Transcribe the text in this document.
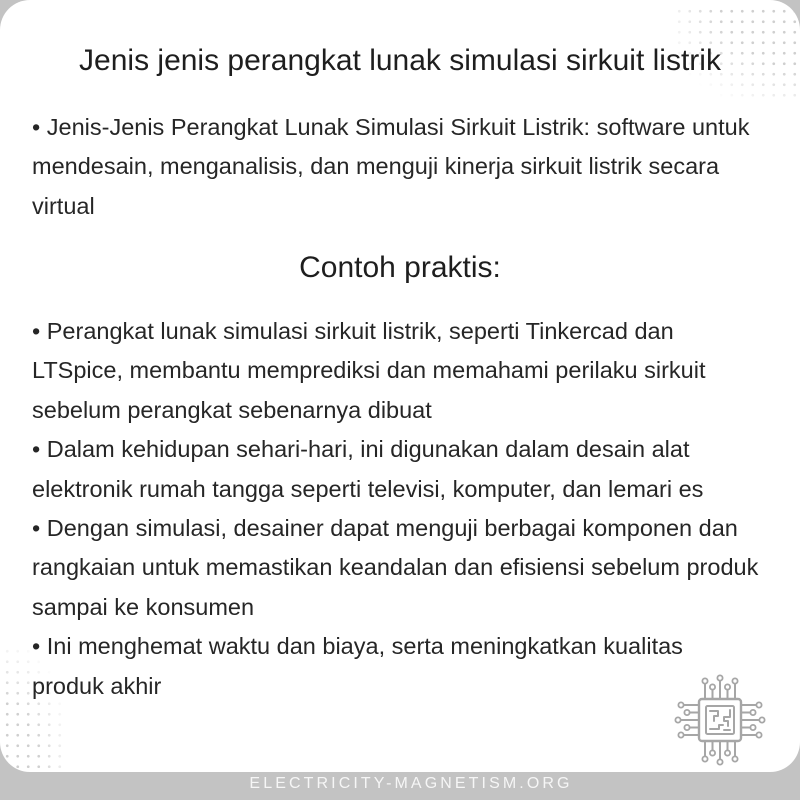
Jenis jenis perangkat lunak simulasi sirkuit listrik
• Jenis-Jenis Perangkat Lunak Simulasi Sirkuit Listrik: software untuk
mendesain, menganalisis, dan menguji kinerja sirkuit listrik secara
virtual
Contoh praktis:
• Perangkat lunak simulasi sirkuit listrik, seperti Tinkercad dan
LTSpice, membantu memprediksi dan memahami perilaku sirkuit
sebelum perangkat sebenarnya dibuat
• Dalam kehidupan sehari-hari, ini digunakan dalam desain alat
elektronik rumah tangga seperti televisi, komputer, dan lemari es
• Dengan simulasi, desainer dapat menguji berbagai komponen dan
rangkaian untuk memastikan keandalan dan efisiensi sebelum produk
sampai ke konsumen
• Ini menghemat waktu dan biaya, serta meningkatkan kualitas
produk akhir
ELECTRICITY-MAGNETISM.ORG
